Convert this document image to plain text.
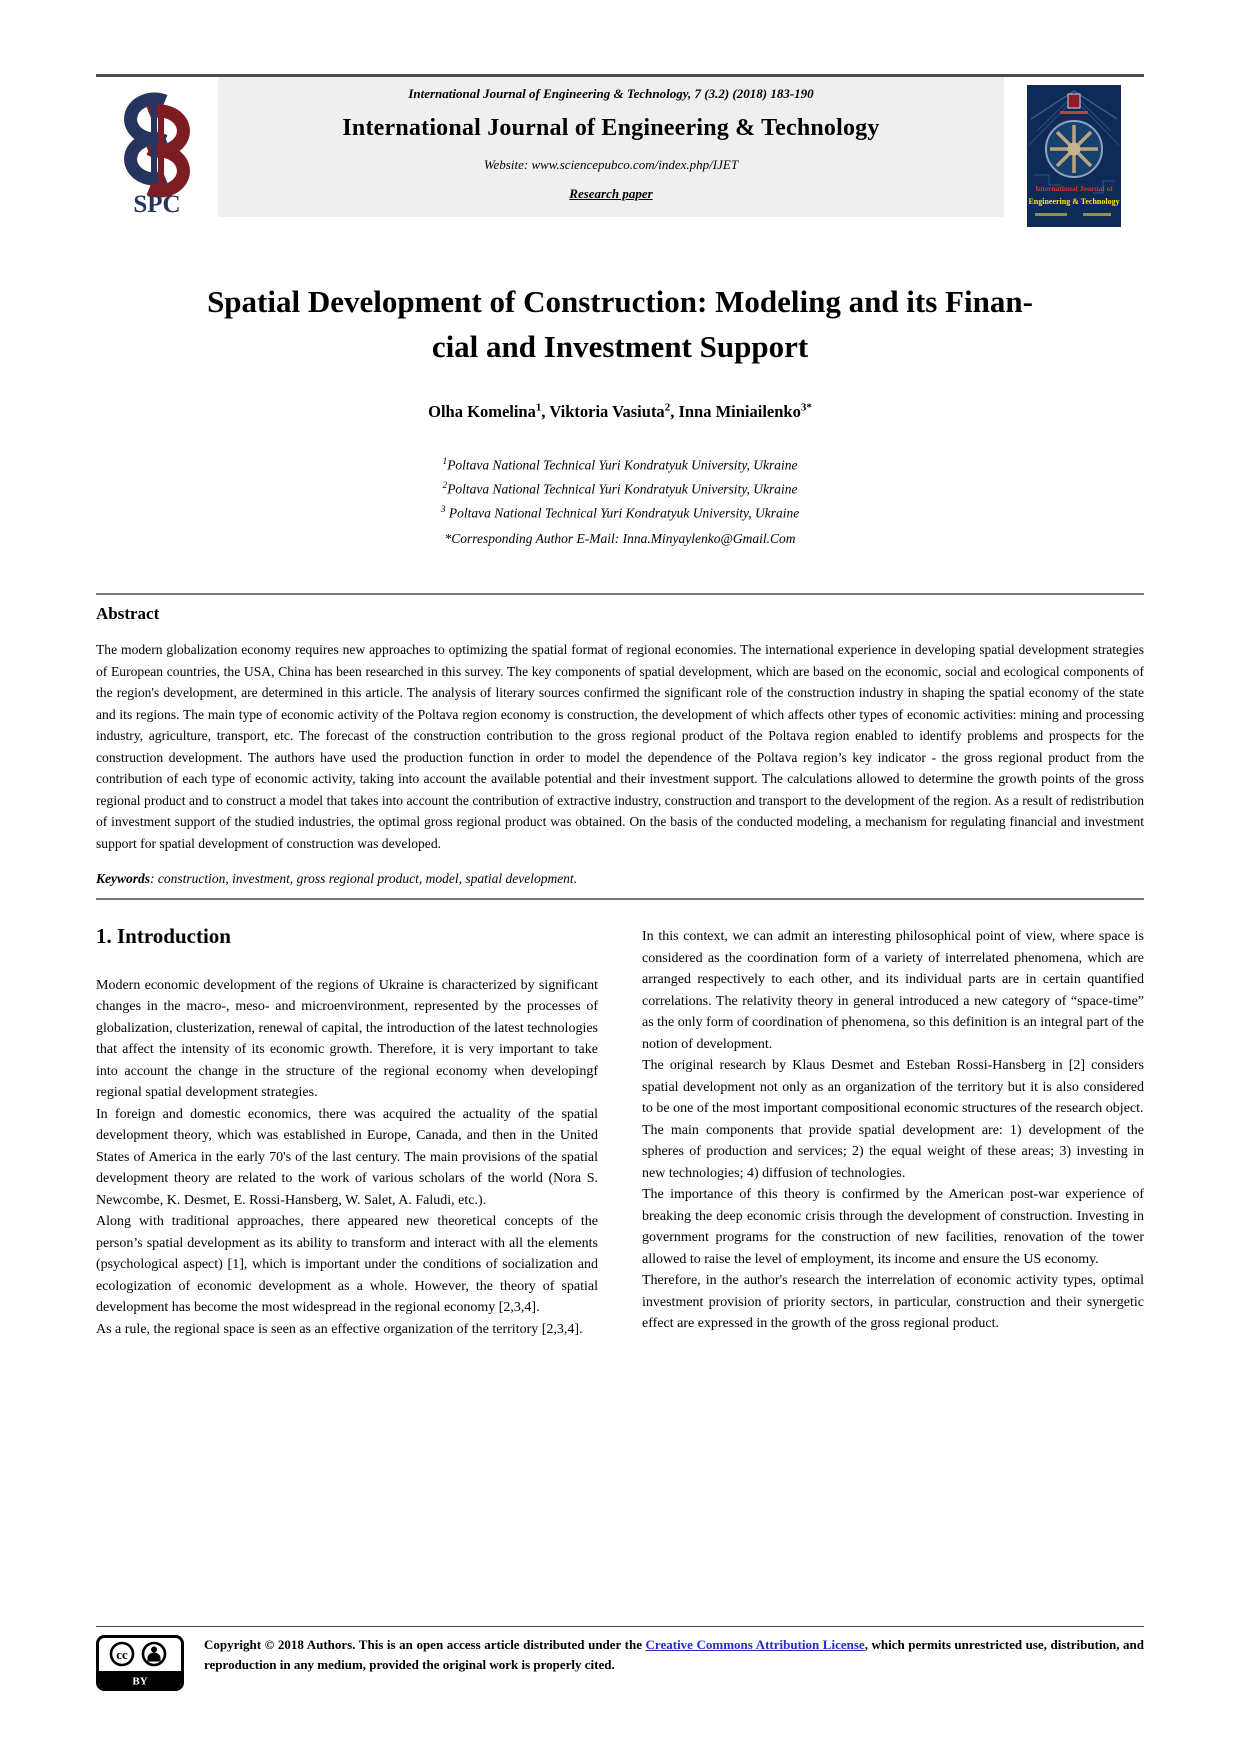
SPC
International Journal of Engineering & Technology, 7 (3.2) (2018) 183-190
International Journal of Engineering & Technology
Website: www.sciencepubco.com/index.php/IJET
Research paper	International Journal of
Engineering & Technology
Spatial Development of Construction: Modeling and its Finan-
cial and Investment Support
Olha Komelina$^1$, Viktoria Vasiuta$^2$, Inna Miniailenko$^{3*}$
$^1$Poltava National Technical Yuri Kondratyuk University, Ukraine
$^2$Poltava National Technical Yuri Kondratyuk University, Ukraine
$^3$ Poltava National Technical Yuri Kondratyuk University, Ukraine
*Corresponding Author E-Mail: Inna.Minyaylenko@Gmail.Com
Abstract
The modern globalization economy requires new approaches to optimizing the spatial format of regional economies. The international experience in developing spatial development strategies of European countries, the USA, China has been researched in this survey. The key components of spatial development, which are based on the economic, social and ecological components of the region's development, are determined in this article. The analysis of literary sources confirmed the significant role of the construction industry in shaping the spatial economy of the state and its regions. The main type of economic activity of the Poltava region economy is construction, the development of which affects other types of economic activities: mining and processing industry, agriculture, transport, etc. The forecast of the construction contribution to the gross regional product of the Poltava region enabled to identify problems and prospects for the construction development. The authors have used the production function in order to model the dependence of the Poltava region’s key indicator - the gross regional product from the contribution of each type of economic activity, taking into account the available potential and their investment support. The calculations allowed to determine the growth points of the gross regional product and to construct a model that takes into account the contribution of extractive industry, construction and transport to the development of the region. As a result of redistribution of investment support of the studied industries, the optimal gross regional product was obtained. On the basis of the conducted modeling, a mechanism for regulating financial and investment support for spatial development of construction was developed.
Keywords: construction, investment, gross regional product, model, spatial development.
1. Introduction

Modern economic development of the regions of Ukraine is characterized by significant changes in the macro-, meso- and microenvironment, represented by the processes of globalization, clusterization, renewal of capital, the introduction of the latest technologies that affect the intensity of its economic growth. Therefore, it is very important to take into account the change in the structure of the regional economy when developingf regional spatial development strategies.

In foreign and domestic economics, there was acquired the actuality of the spatial development theory, which was established in Europe, Canada, and then in the United States of America in the early 70's of the last century. The main provisions of the spatial development theory are related to the work of various scholars of the world (Nora S. Newcombe, K. Desmet, E. Rossi-Hansberg, W. Salet, A. Faludi, etc.).

Along with traditional approaches, there appeared new theoretical concepts of the person’s spatial development as its ability to transform and interact with all the elements (psychological aspect) [1], which is important under the conditions of socialization and ecologization of economic development as a whole. However, the theory of spatial development has become the most widespread in the regional economy [2,3,4].

As a rule, the regional space is seen as an effective organization of the territory [2,3,4].

In this context, we can admit an interesting philosophical point of view, where space is considered as the coordination form of a variety of interrelated phenomena, which are arranged respectively to each other, and its individual parts are in certain quantified correlations. The relativity theory in general introduced a new category of “space-time” as the only form of coordination of phenomena, so this definition is an integral part of the notion of development.

The original research by Klaus Desmet and Esteban Rossi-Hansberg in [2] considers spatial development not only as an organization of the territory but it is also considered to be one of the most important compositional economic structures of the research object.

The main components that provide spatial development are: 1) development of the spheres of production and services; 2) the equal weight of these areas; 3) investing in new technologies; 4) diffusion of technologies.

The importance of this theory is confirmed by the American post-war experience of breaking the deep economic crisis through the development of construction. Investing in government programs for the construction of new facilities, renovation of the tower allowed to raise the level of employment, its income and ensure the US economy.

Therefore, in the author's research the interrelation of economic activity types, optimal investment provision of priority sectors, in particular, construction and their synergetic effect are expressed in the growth of the gross regional product.

cc
BY
Copyright © 2018 Authors. This is an open access article distributed under the Creative Commons Attribution License, which permits unrestricted use, distribution, and reproduction in any medium, provided the original work is properly cited.
